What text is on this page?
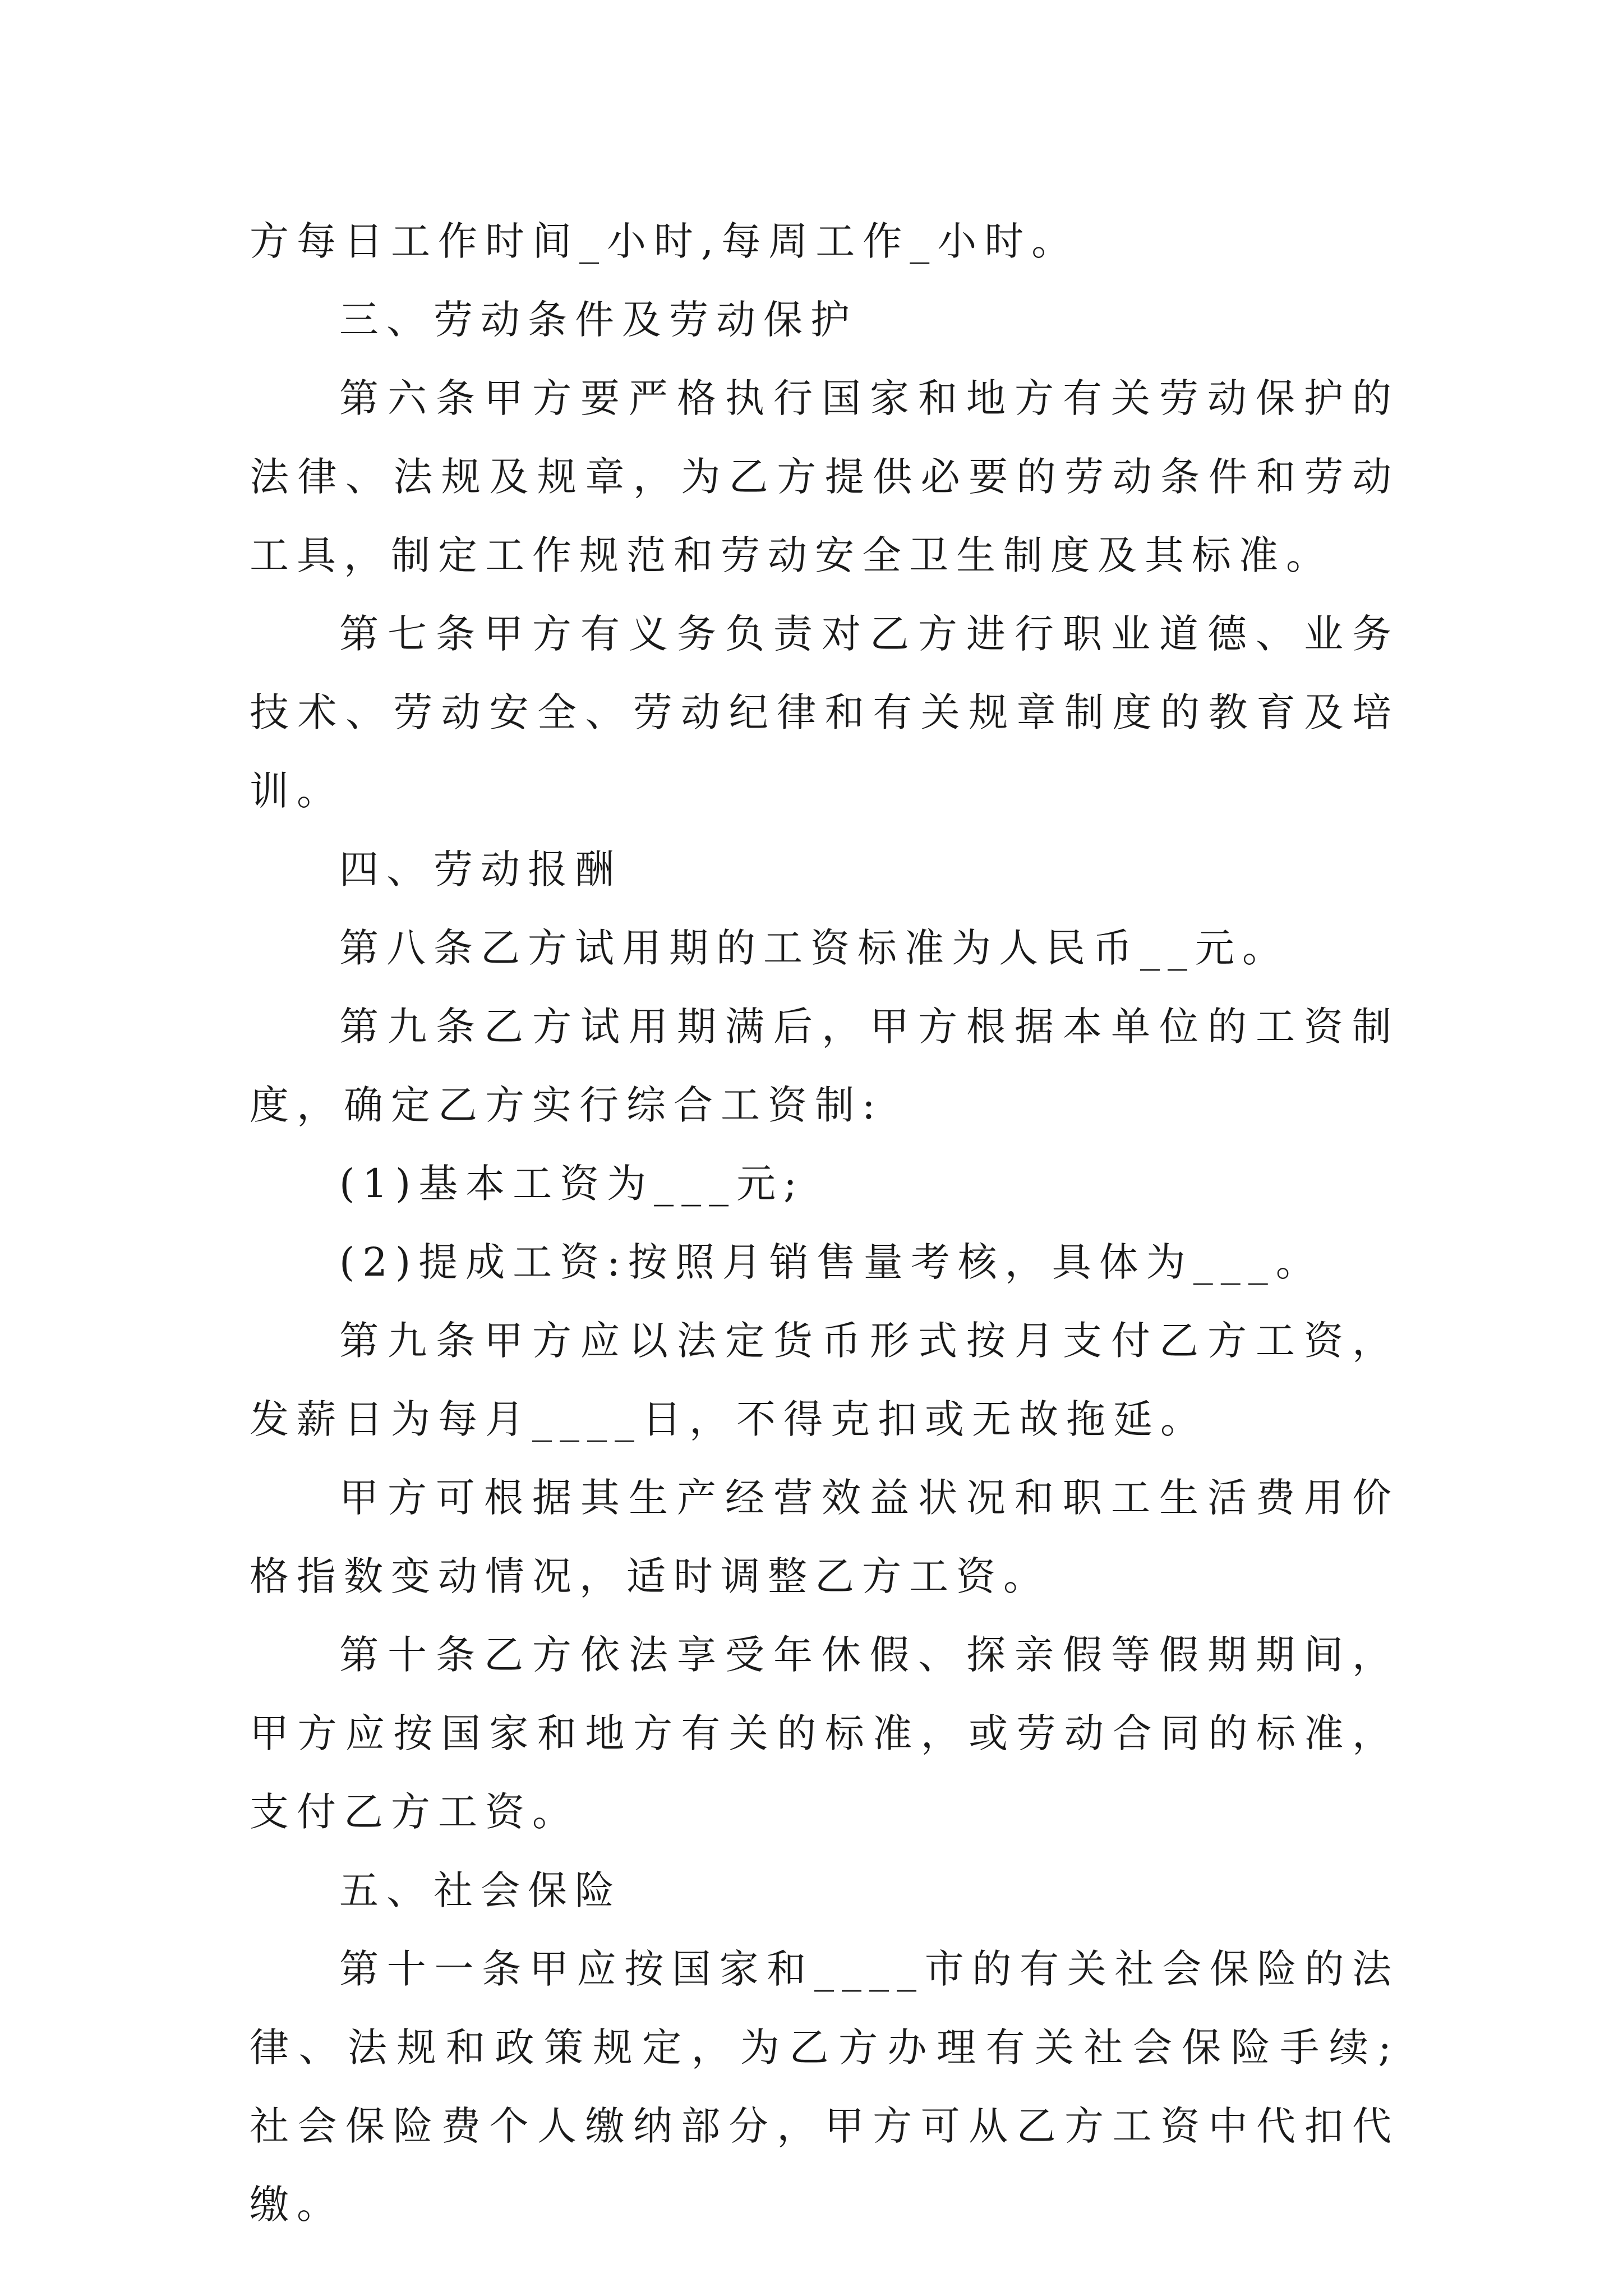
方每日工作时间_小时,每周工作_小时。

三、劳动条件及劳动保护

第六条甲方要严格执行国家和地方有关劳动保护的法律、法规及规章，为乙方提供必要的劳动条件和劳动工具，制定工作规范和劳动安全卫生制度及其标准。

第七条甲方有义务负责对乙方进行职业道德、业务技术、劳动安全、劳动纪律和有关规章制度的教育及培训。

四、劳动报酬

第八条乙方试用期的工资标准为人民币__元。

第九条乙方试用期满后，甲方根据本单位的工资制度，确定乙方实行综合工资制:

(1)基本工资为___元;

(2)提成工资:按照月销售量考核，具体为___。

第九条甲方应以法定货币形式按月支付乙方工资，发薪日为每月____日，不得克扣或无故拖延。

甲方可根据其生产经营效益状况和职工生活费用价格指数变动情况，适时调整乙方工资。

第十条乙方依法享受年休假、探亲假等假期期间，甲方应按国家和地方有关的标准，或劳动合同的标准，支付乙方工资。

五、社会保险

第十一条甲应按国家和____市的有关社会保险的法律、法规和政策规定，为乙方办理有关社会保险手续;社会保险费个人缴纳部分，甲方可从乙方工资中代扣代缴。
